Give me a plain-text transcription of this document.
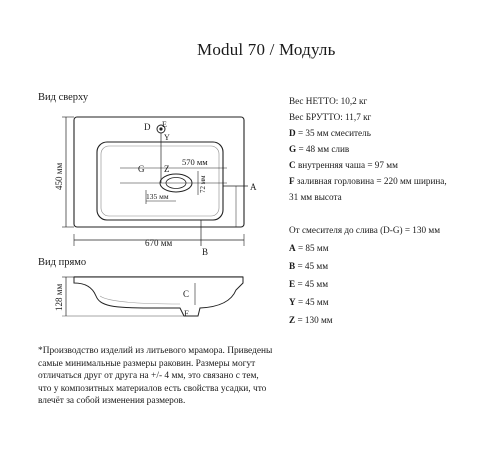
Modul 70 / Модуль
Вид сверху
Вид прямо
450 мм
670 мм
570 мм
72 мм
135 мм
D E
Y
G Z
A
B
128 мм	C
F
Вес НЕТТО: 10,2 кг
Вес БРУТТО: 11,7 кг
D = 35 мм смеситель
G = 48 мм слив
C внутренняя чаша = 97 мм
F заливная горловина = 220 мм ширина,
31 мм высота
От смесителя до слива (D-G) = 130 мм
A = 85 мм
B = 45 мм
E = 45 мм
Y = 45 мм
Z = 130 мм
*Производство изделий из литьевого мрамора. Приведены
самые минимальные размеры раковин. Размеры могут
отличаться друг от друга на +/- 4 мм, это связано с тем,
что у композитных материалов есть свойства усадки, что
влечёт за собой изменения размеров.
